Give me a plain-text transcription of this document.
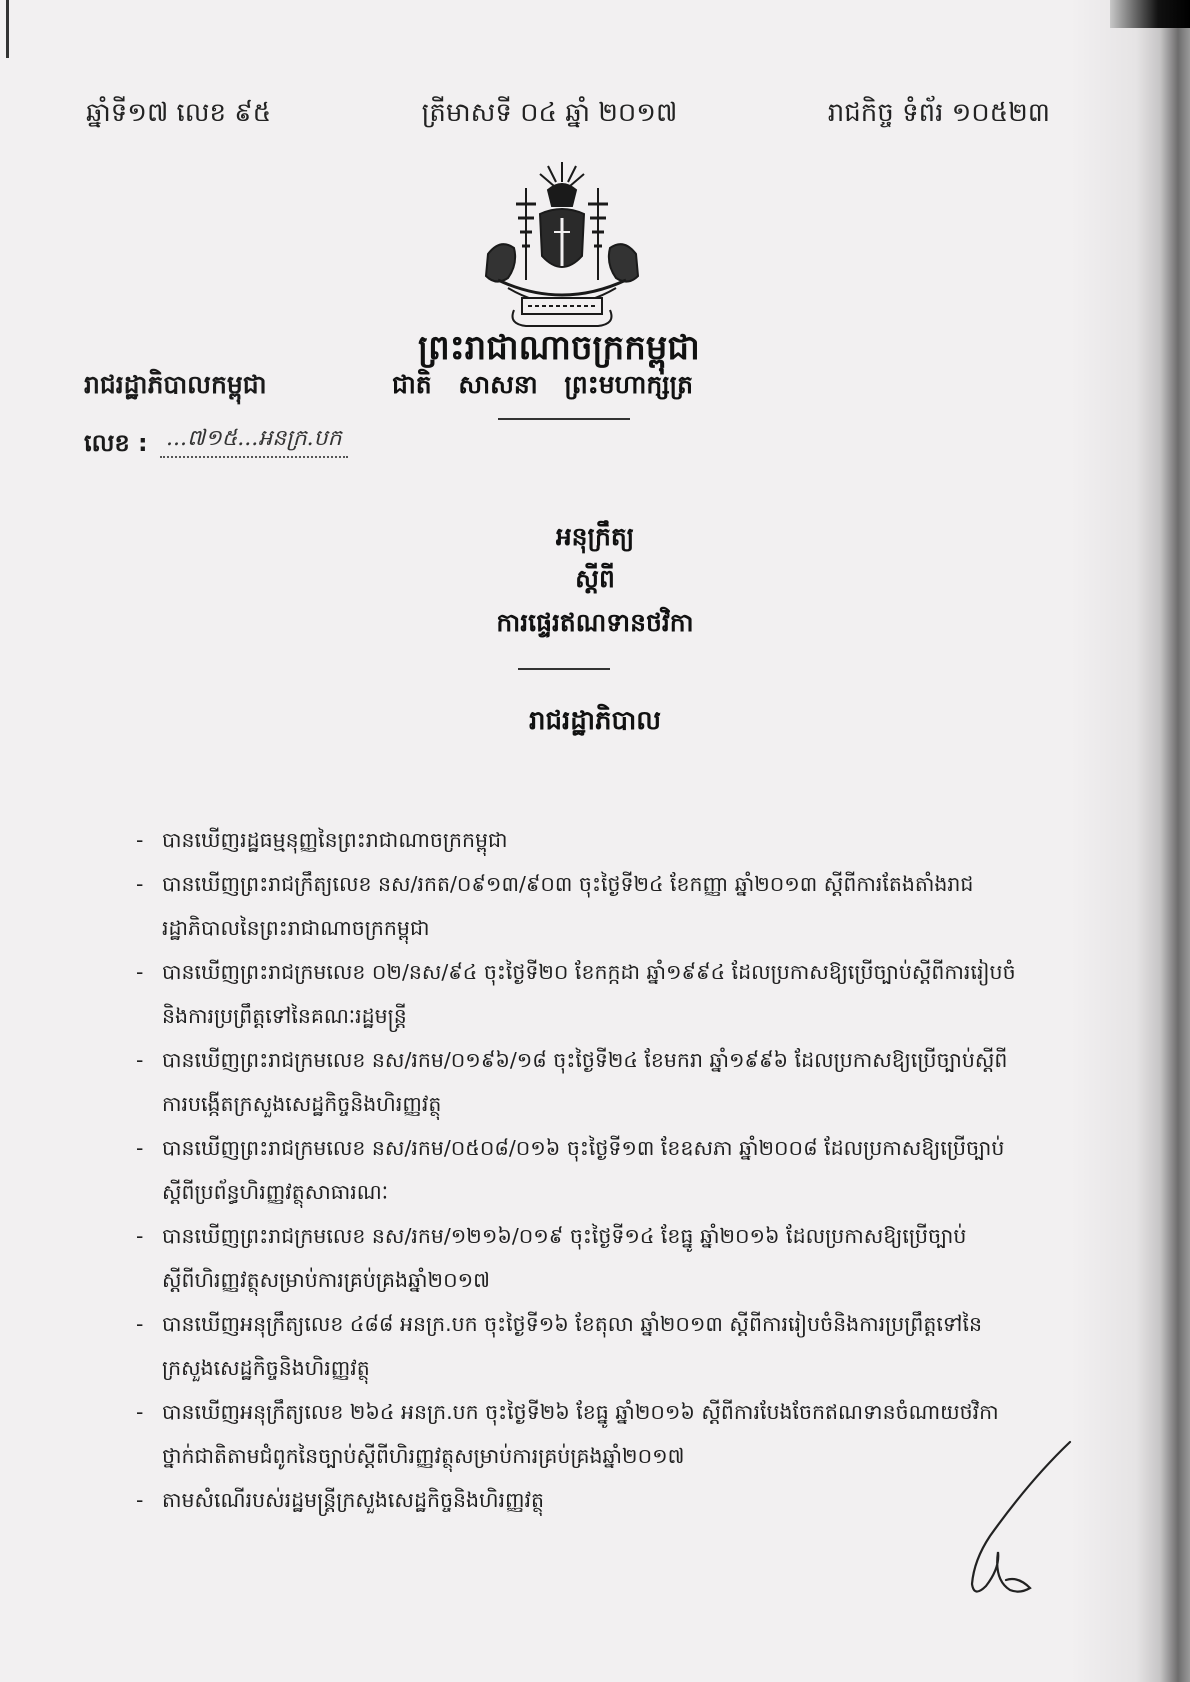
ឆ្នាំទី១៧ លេខ ៩៥	ត្រីមាសទី ០៤ ឆ្នាំ ២០១៧	រាជកិច្ច ទំព័រ ១០៥២៣
ព្រះរាជាណាចក្រកម្ពុជា
ជាតិ សាសនា ព្រះមហាក្សត្រ
រាជរដ្ឋាភិបាលកម្ពុជា
លេខ : ...៧១៥...អនក្រ.បក
អនុក្រឹត្យ
ស្តីពី
ការផ្ទេរឥណទានថវិកា
រាជរដ្ឋាភិបាល
- បានឃើញរដ្ឋធម្មនុញ្ញនៃព្រះរាជាណាចក្រកម្ពុជា
- បានឃើញព្រះរាជក្រឹត្យលេខ នស/រកត/០៩១៣/៩០៣ ចុះថ្ងៃទី២៤ ខែកញ្ញា ឆ្នាំ២០១៣ ស្តីពីការតែងតាំងរាជរដ្ឋាភិបាលនៃព្រះរាជាណាចក្រកម្ពុជា
- បានឃើញព្រះរាជក្រមលេខ ០២/នស/៩៤ ចុះថ្ងៃទី២០ ខែកក្កដា ឆ្នាំ១៩៩៤ ដែលប្រកាសឱ្យប្រើច្បាប់ស្តីពីការរៀបចំនិងការប្រព្រឹត្តទៅនៃគណៈរដ្ឋមន្ត្រី
- បានឃើញព្រះរាជក្រមលេខ នស/រកម/០១៩៦/១៨ ចុះថ្ងៃទី២៤ ខែមករា ឆ្នាំ១៩៩៦ ដែលប្រកាសឱ្យប្រើច្បាប់ស្តីពីការបង្កើតក្រសួងសេដ្ឋកិច្ចនិងហិរញ្ញវត្ថុ
- បានឃើញព្រះរាជក្រមលេខ នស/រកម/០៥០៨/០១៦ ចុះថ្ងៃទី១៣ ខែឧសភា ឆ្នាំ២០០៨ ដែលប្រកាសឱ្យប្រើច្បាប់ស្តីពីប្រព័ន្ធហិរញ្ញវត្ថុសាធារណៈ
- បានឃើញព្រះរាជក្រមលេខ នស/រកម/១២១៦/០១៩ ចុះថ្ងៃទី១៤ ខែធ្នូ ឆ្នាំ២០១៦ ដែលប្រកាសឱ្យប្រើច្បាប់ស្តីពីហិរញ្ញវត្ថុសម្រាប់ការគ្រប់គ្រងឆ្នាំ២០១៧
- បានឃើញអនុក្រឹត្យលេខ ៤៨៨ អនក្រ.បក ចុះថ្ងៃទី១៦ ខែតុលា ឆ្នាំ២០១៣ ស្តីពីការរៀបចំនិងការប្រព្រឹត្តទៅនៃក្រសួងសេដ្ឋកិច្ចនិងហិរញ្ញវត្ថុ
- បានឃើញអនុក្រឹត្យលេខ ២៦៤ អនក្រ.បក ចុះថ្ងៃទី២៦ ខែធ្នូ ឆ្នាំ២០១៦ ស្តីពីការបែងចែកឥណទានចំណាយថវិកាថ្នាក់ជាតិតាមជំពូកនៃច្បាប់ស្តីពីហិរញ្ញវត្ថុសម្រាប់ការគ្រប់គ្រងឆ្នាំ២០១៧
- តាមសំណើរបស់រដ្ឋមន្ត្រីក្រសួងសេដ្ឋកិច្ចនិងហិរញ្ញវត្ថុ
